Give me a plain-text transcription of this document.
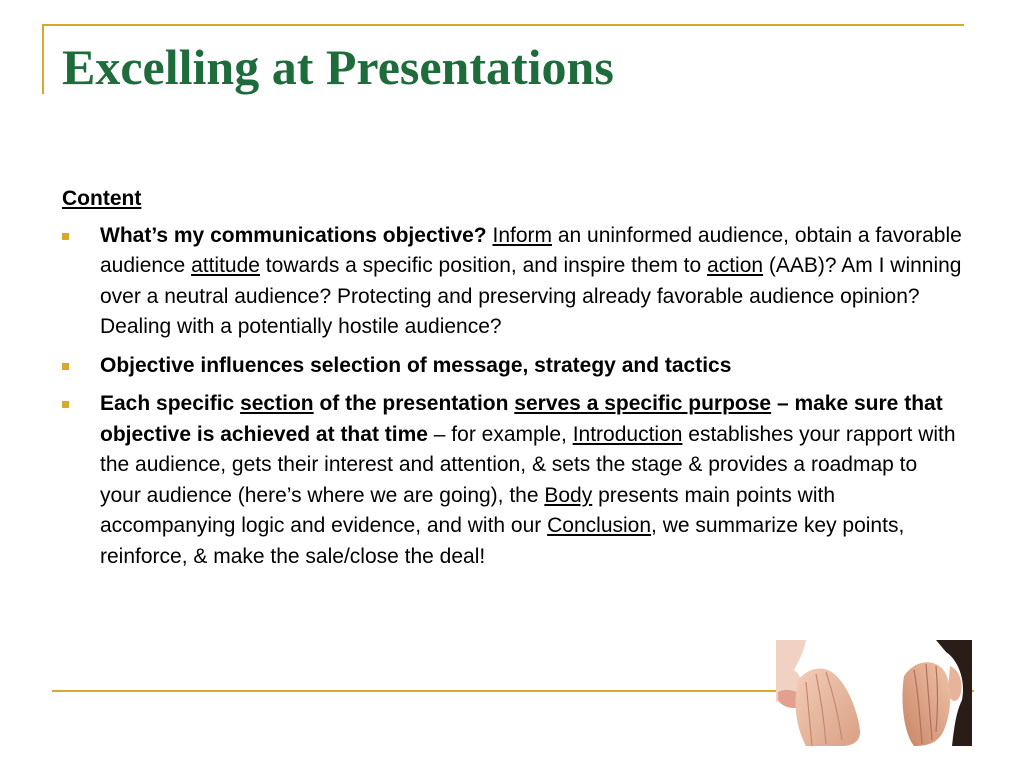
Excelling at Presentations
Content
What’s my communications objective? Inform an uninformed audience, obtain a favorable audience attitude towards a specific position, and inspire them to action (AAB)? Am I winning over a neutral audience? Protecting and preserving already favorable audience opinion? Dealing with a potentially hostile audience?
Objective influences selection of message, strategy and tactics
Each specific section of the presentation serves a specific purpose – make sure that objective is achieved at that time – for example, Introduction establishes your rapport with the audience, gets their interest and attention, & sets the stage & provides a roadmap to your audience (here’s where we are going), the Body presents main points with accompanying logic and evidence, and with our Conclusion, we summarize key points, reinforce, & make the sale/close the deal!
